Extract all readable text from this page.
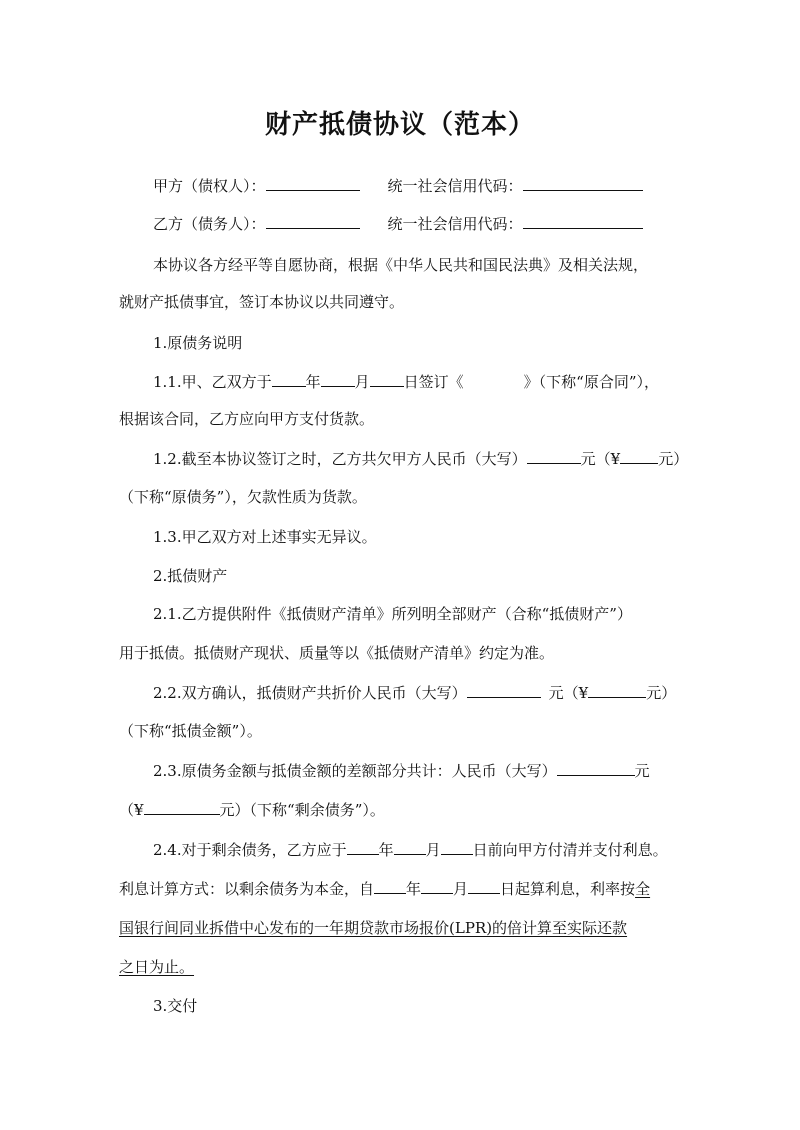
财产抵债协议（范本）
甲方（债权人）：	统一社会信用代码：
乙方（债务人）：	统一社会信用代码：
本协议各方经平等自愿协商，根据《中华人民共和国民法典》及相关法规，
就财产抵债事宜，签订本协议以共同遵守。
1.原债务说明
1.1.甲、乙双方于 年 月 日签订《	》（下称“原合同”），
根据该合同，乙方应向甲方支付货款。
1.2.截至本协议签订之时，乙方共欠甲方人民币（大写）	元（¥	元）
（下称“原债务”），欠款性质为货款。
1.3.甲乙双方对上述事实无异议。
2.抵债财产
2.1.乙方提供附件《抵债财产清单》所列明全部财产（合称“抵债财产”）
用于抵债。抵债财产现状、质量等以《抵债财产清单》约定为准。
2.2.双方确认，抵债财产共折价人民币（大写）	元（¥	元）
（下称“抵债金额”）。
2.3.原债务金额与抵债金额的差额部分共计：人民币（大写）	元
（¥	元）（下称“剩余债务”）。
2.4.对于剩余债务，乙方应于 年 月 日前向甲方付清并支付利息。
利息计算方式：以剩余债务为本金，自 年 月 日起算利息，利率按全
国银行间同业拆借中心发布的一年期贷款市场报价(LPR)的倍计算至实际还款
之日为止。
3.交付
